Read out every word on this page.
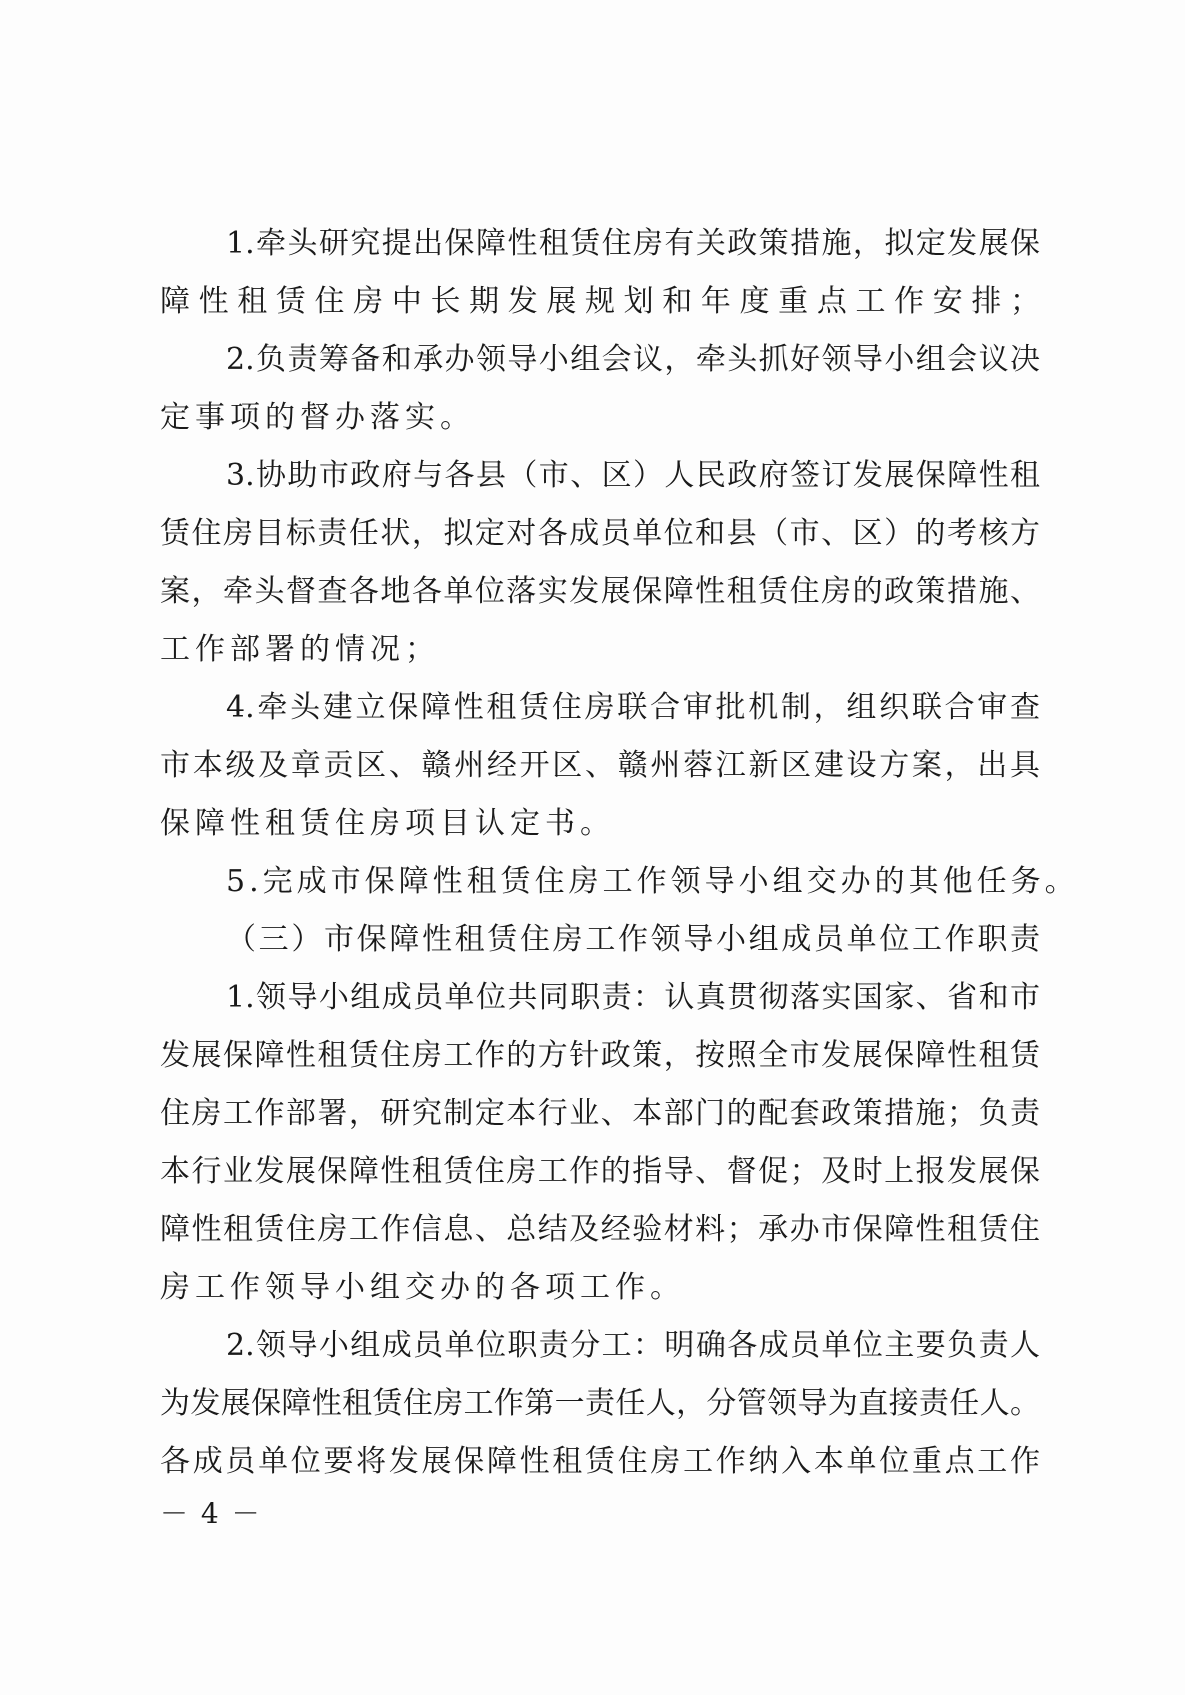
1.牵头研究提出保障性租赁住房有关政策措施，拟定发展保
障性租赁住房中长期发展规划和年度重点工作安排；
2.负责筹备和承办领导小组会议，牵头抓好领导小组会议决
定事项的督办落实。
3.协助市政府与各县（市、区）人民政府签订发展保障性租
赁住房目标责任状，拟定对各成员单位和县（市、区）的考核方
案，牵头督查各地各单位落实发展保障性租赁住房的政策措施、
工作部署的情况；
4.牵头建立保障性租赁住房联合审批机制，组织联合审查
市本级及章贡区、赣州经开区、赣州蓉江新区建设方案，出具
保障性租赁住房项目认定书。
5.完成市保障性租赁住房工作领导小组交办的其他任务。
（三）市保障性租赁住房工作领导小组成员单位工作职责
1.领导小组成员单位共同职责：认真贯彻落实国家、省和市
发展保障性租赁住房工作的方针政策，按照全市发展保障性租赁
住房工作部署，研究制定本行业、本部门的配套政策措施；负责
本行业发展保障性租赁住房工作的指导、督促；及时上报发展保
障性租赁住房工作信息、总结及经验材料；承办市保障性租赁住
房工作领导小组交办的各项工作。
2.领导小组成员单位职责分工：明确各成员单位主要负责人
为发展保障性租赁住房工作第一责任人，分管领导为直接责任人。
各成员单位要将发展保障性租赁住房工作纳入本单位重点工作
－ 4 －
